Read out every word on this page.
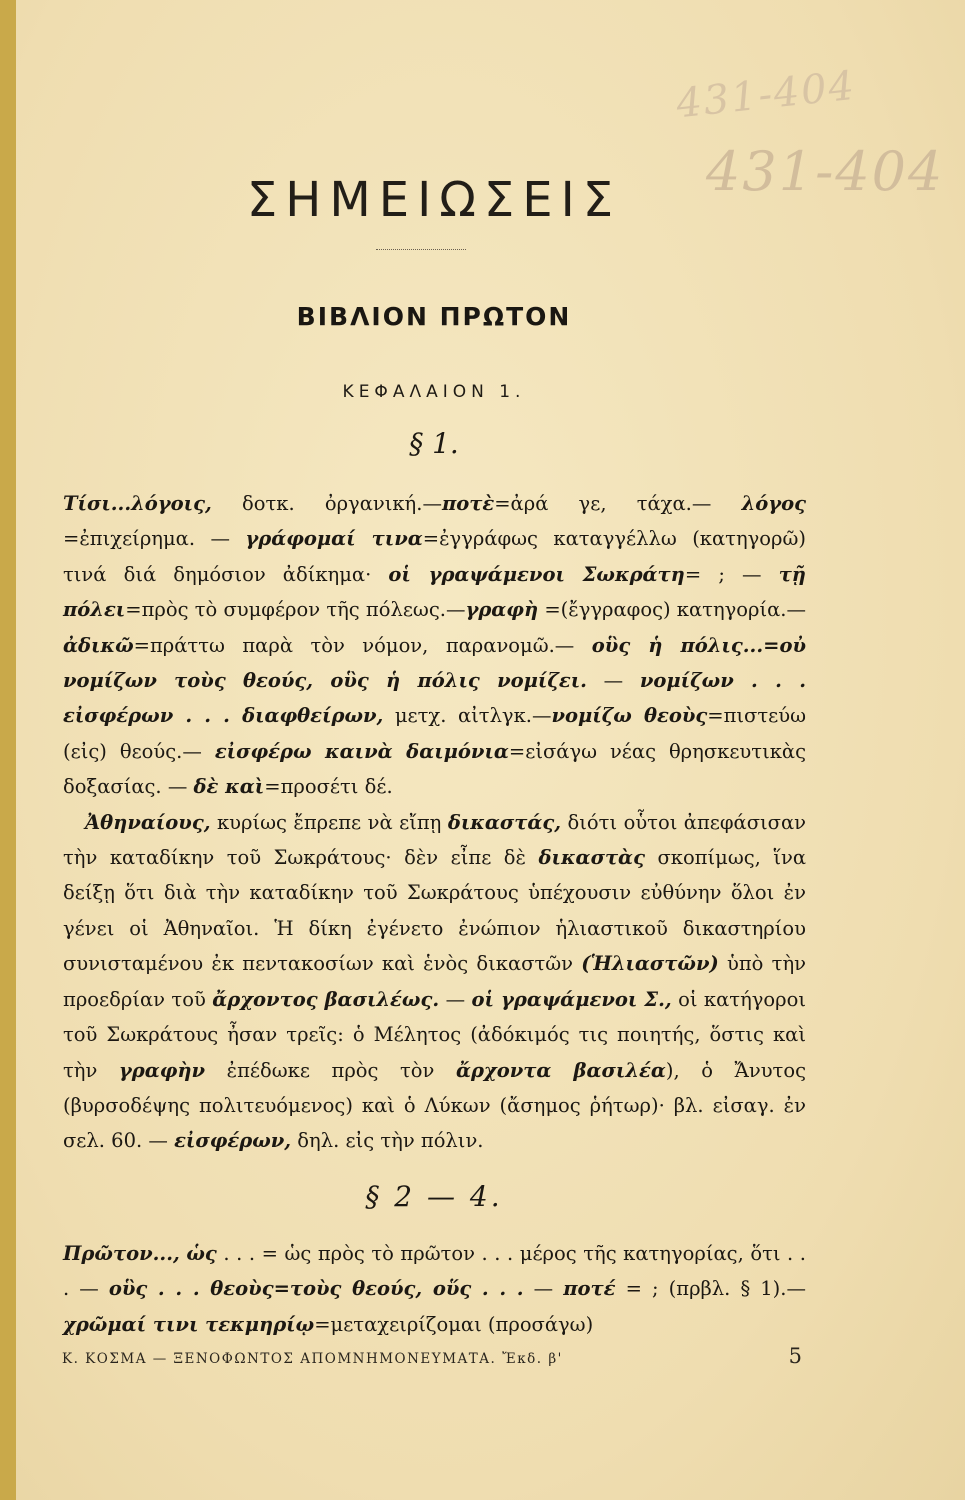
431-404
431-404
ΣΗΜΕΙΩΣΕΙΣ
ΒΙΒΛΙΟΝ ΠΡΩΤΟΝ
ΚΕΦΑΛΑΙΟΝ 1.
§ 1.

Τίσι...λόγοις, δοτκ. ὀργανική.—ποτὲ=ἀρά γε, τάχα.— λόγος =ἐπιχείρημα. — γράφομαί τινα=ἐγγράφως καταγγέλλω (κατηγορῶ) τινά διά δημόσιον ἀδίκημα· οἱ γραψάμενοι Σωκράτη= ; — τῇ πόλει=πρὸς τὸ συμφέρον τῆς πόλεως.—γραφὴ =(ἔγγραφος) κατηγορία.—ἀδικῶ=πράττω παρὰ τὸν νόμον, παρανομῶ.— οὓς ἡ πόλις...=οὐ νομίζων τοὺς θεούς, οὓς ἡ πόλις νομίζει. — νομίζων . . . εἰσφέρων . . . διαφθείρων, μετχ. αἰτλγκ.—νομίζω θεοὺς=πιστεύω (εἰς) θεούς.— εἰσφέρω καινὰ δαιμόνια=εἰσάγω νέας θρησκευτικὰς δοξασίας. — δὲ καὶ=προσέτι δέ.

Ἀθηναίους, κυρίως ἔπρεπε νὰ εἴπῃ δικαστάς, διότι οὗτοι ἀπεφάσισαν τὴν καταδίκην τοῦ Σωκράτους· δὲν εἶπε δὲ δικαστὰς σκοπίμως, ἵνα δείξῃ ὅτι διὰ τὴν καταδίκην τοῦ Σωκράτους ὑπέχουσιν εὐθύνην ὅλοι ἐν γένει οἱ Ἀθηναῖοι. Ἡ δίκη ἐγένετο ἐνώπιον ἡλιαστικοῦ δικαστηρίου συνισταμένου ἐκ πεντακοσίων καὶ ἑνὸς δικαστῶν (Ἡλιαστῶν) ὑπὸ τὴν προεδρίαν τοῦ ἄρχοντος βασιλέως. — οἱ γραψάμενοι Σ., οἱ κατήγοροι τοῦ Σωκράτους ἦσαν τρεῖς: ὁ Μέλητος (ἀδόκιμός τις ποιητής, ὅστις καὶ τὴν γραφὴν ἐπέδωκε πρὸς τὸν ἄρχοντα βασιλέα), ὁ Ἄνυτος (βυρσοδέψης πολιτευόμενος) καὶ ὁ Λύκων (ἄσημος ῥήτωρ)· βλ. εἰσαγ. ἐν σελ. 60. — εἰσφέρων, δηλ. εἰς τὴν πόλιν.

§ 2 — 4.

Πρῶτον..., ὡς . . . = ὡς πρὸς τὸ πρῶτον . . . μέρος τῆς κατηγορίας, ὅτι . . . — οὓς . . . θεοὺς=τοὺς θεούς, οὕς . . . — ποτέ = ; (πρβλ. § 1).—χρῶμαί τινι τεκμηρίῳ=μεταχειρίζομαι (προσάγω)

Κ. ΚΟΣΜΑ — ΞΕΝΟΦΩΝΤΟΣ ΑΠΟΜΝΗΜΟΝΕΥΜΑΤΑ. Ἔκδ. β'	5
